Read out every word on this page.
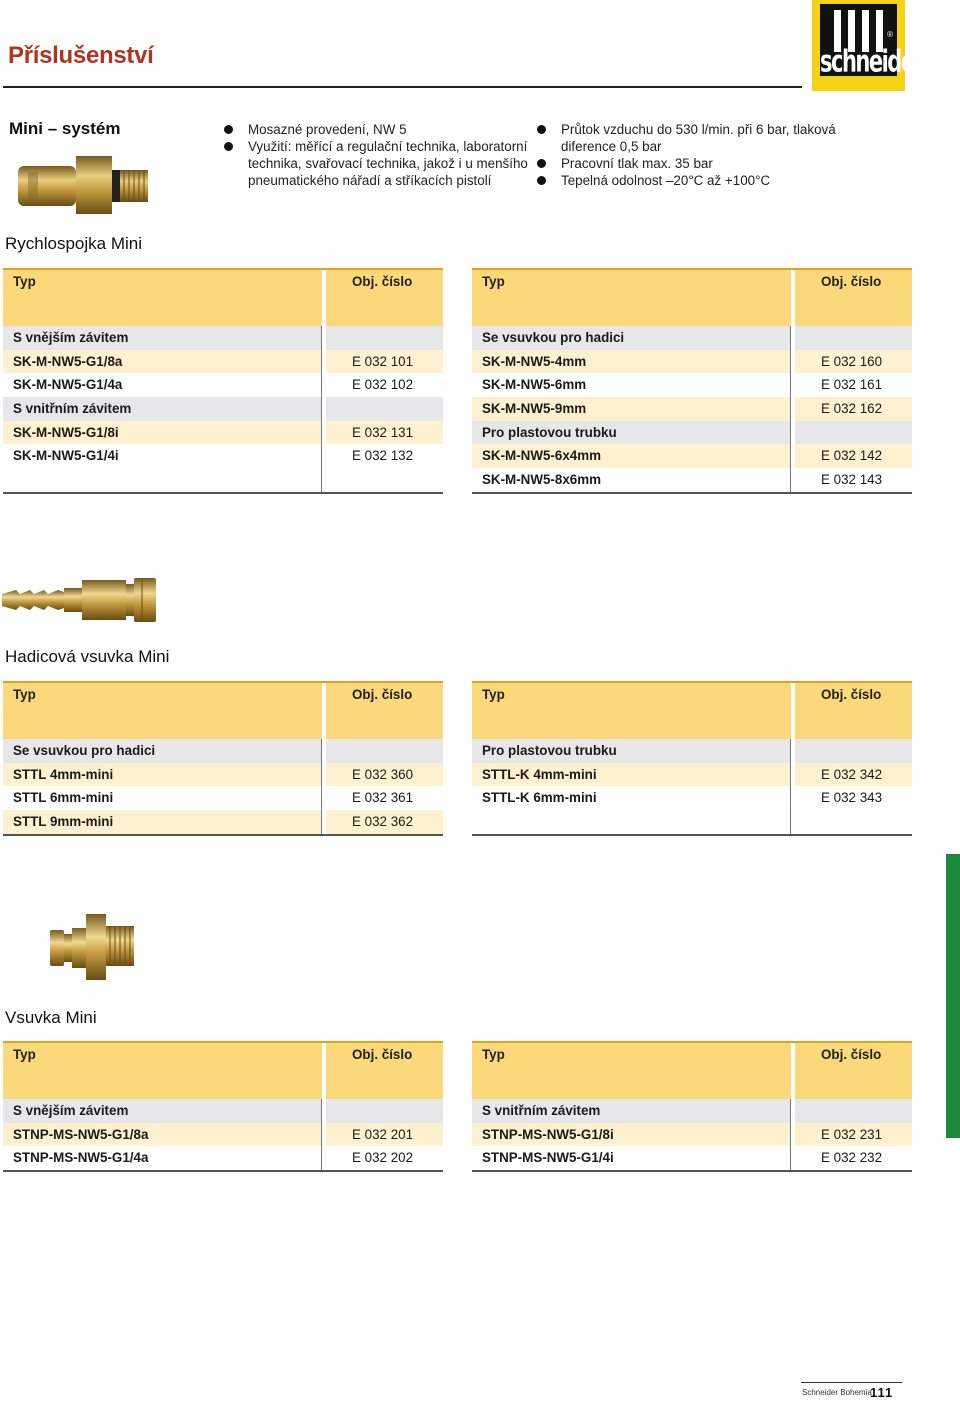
Příslušenství	schneider
®
Mini – systém	Mosazné provedení, NW 5
Využití: měřící a regulační technika, laboratorní technika, svařovací technika, jakož i u menšího pneumatického nářadí a stříkacích pistolí
Průtok vzduchu do 530 l/min. při 6 bar, tlaková diference 0,5 bar
Pracovní tlak max. 35 bar
Tepelná odolnost –20°C až +100°C
Rychlospojka Mini
Typ	Obj. číslo
S vnějším závitem
SK-M-NW5-G1/8a	E 032 101
SK-M-NW5-G1/4a	E 032 102
S vnitřním závitem
SK-M-NW5-G1/8i	E 032 131
SK-M-NW5-G1/4i	E 032 132
Typ	Obj. číslo
Se vsuvkou pro hadici
SK-M-NW5-4mm	E 032 160
SK-M-NW5-6mm	E 032 161
SK-M-NW5-9mm	E 032 162
Pro plastovou trubku
SK-M-NW5-6x4mm	E 032 142
SK-M-NW5-8x6mm	E 032 143
Hadicová vsuvka Mini
Typ	Obj. číslo
Se vsuvkou pro hadici
STTL 4mm-mini	E 032 360
STTL 6mm-mini	E 032 361
STTL 9mm-mini	E 032 362
Typ	Obj. číslo
Pro plastovou trubku
STTL-K 4mm-mini	E 032 342
STTL-K 6mm-mini	E 032 343
Vsuvka Mini
Typ	Obj. číslo
S vnějším závitem
STNP-MS-NW5-G1/8a	E 032 201
STNP-MS-NW5-G1/4a	E 032 202
Typ	Obj. číslo
S vnitřním závitem
STNP-MS-NW5-G1/8i	E 032 231
STNP-MS-NW5-G1/4i	E 032 232
Schneider Bohemia
111
